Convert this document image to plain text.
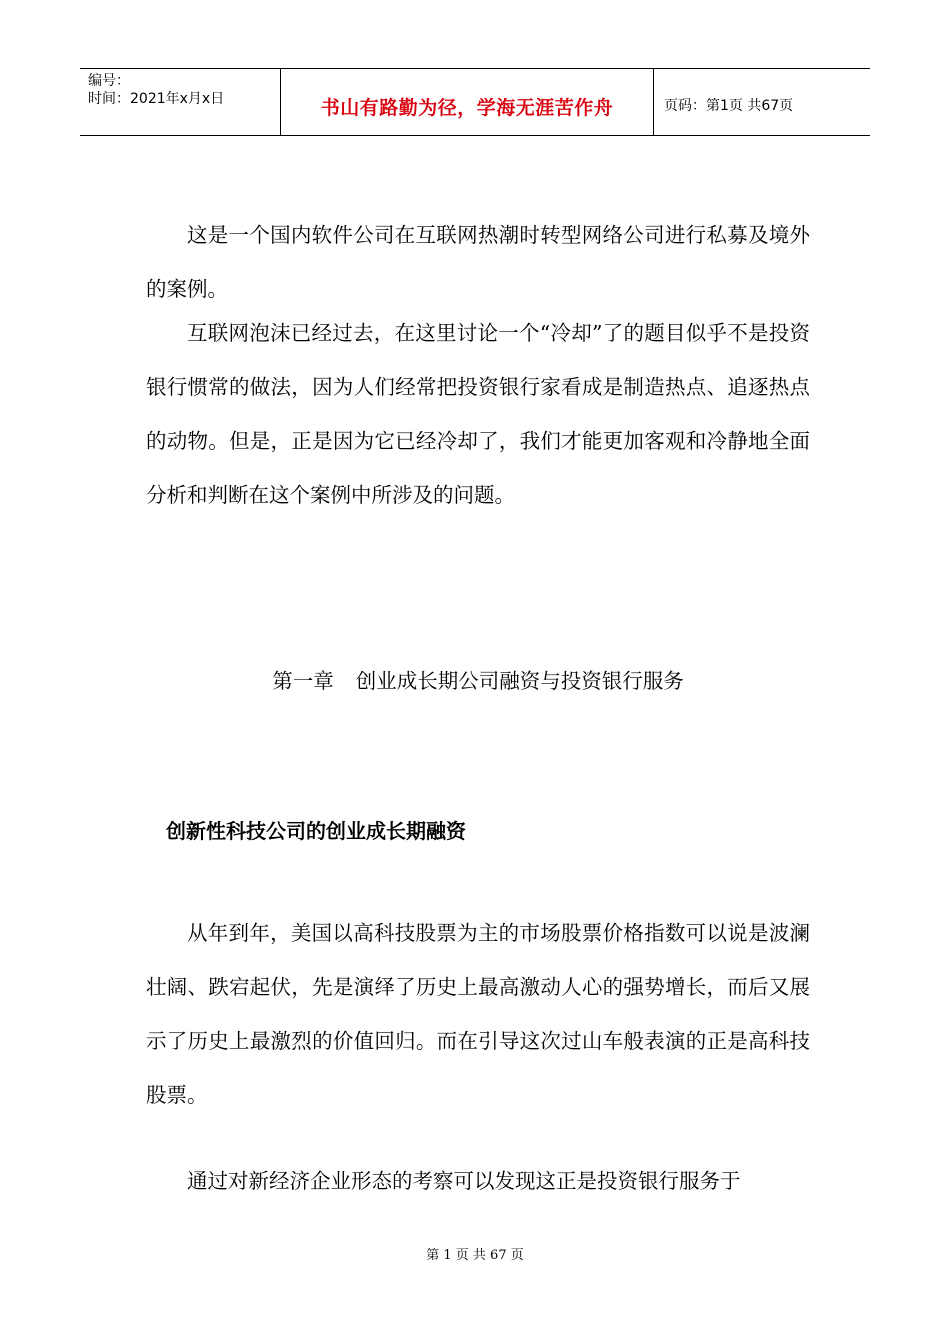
编号：
时间：2021年x月x日	书山有路勤为径，学海无涯苦作舟	页码：第1页 共67页

这是一个国内软件公司在互联网热潮时转型网络公司进行私募及境外的案例。

互联网泡沫已经过去，在这里讨论一个“冷却”了的题目似乎不是投资银行惯常的做法，因为人们经常把投资银行家看成是制造热点、追逐热点的动物。但是，正是因为它已经冷却了，我们才能更加客观和冷静地全面分析和判断在这个案例中所涉及的问题。

第一章 创业成长期公司融资与投资银行服务

创新性科技公司的创业成长期融资

从年到年，美国以高科技股票为主的市场股票价格指数可以说是波澜壮阔、跌宕起伏，先是演绎了历史上最高激动人心的强势增长，而后又展示了历史上最激烈的价值回归。而在引导这次过山车般表演的正是高科技股票。

通过对新经济企业形态的考察可以发现这正是投资银行服务于

第 1 页 共 67 页
